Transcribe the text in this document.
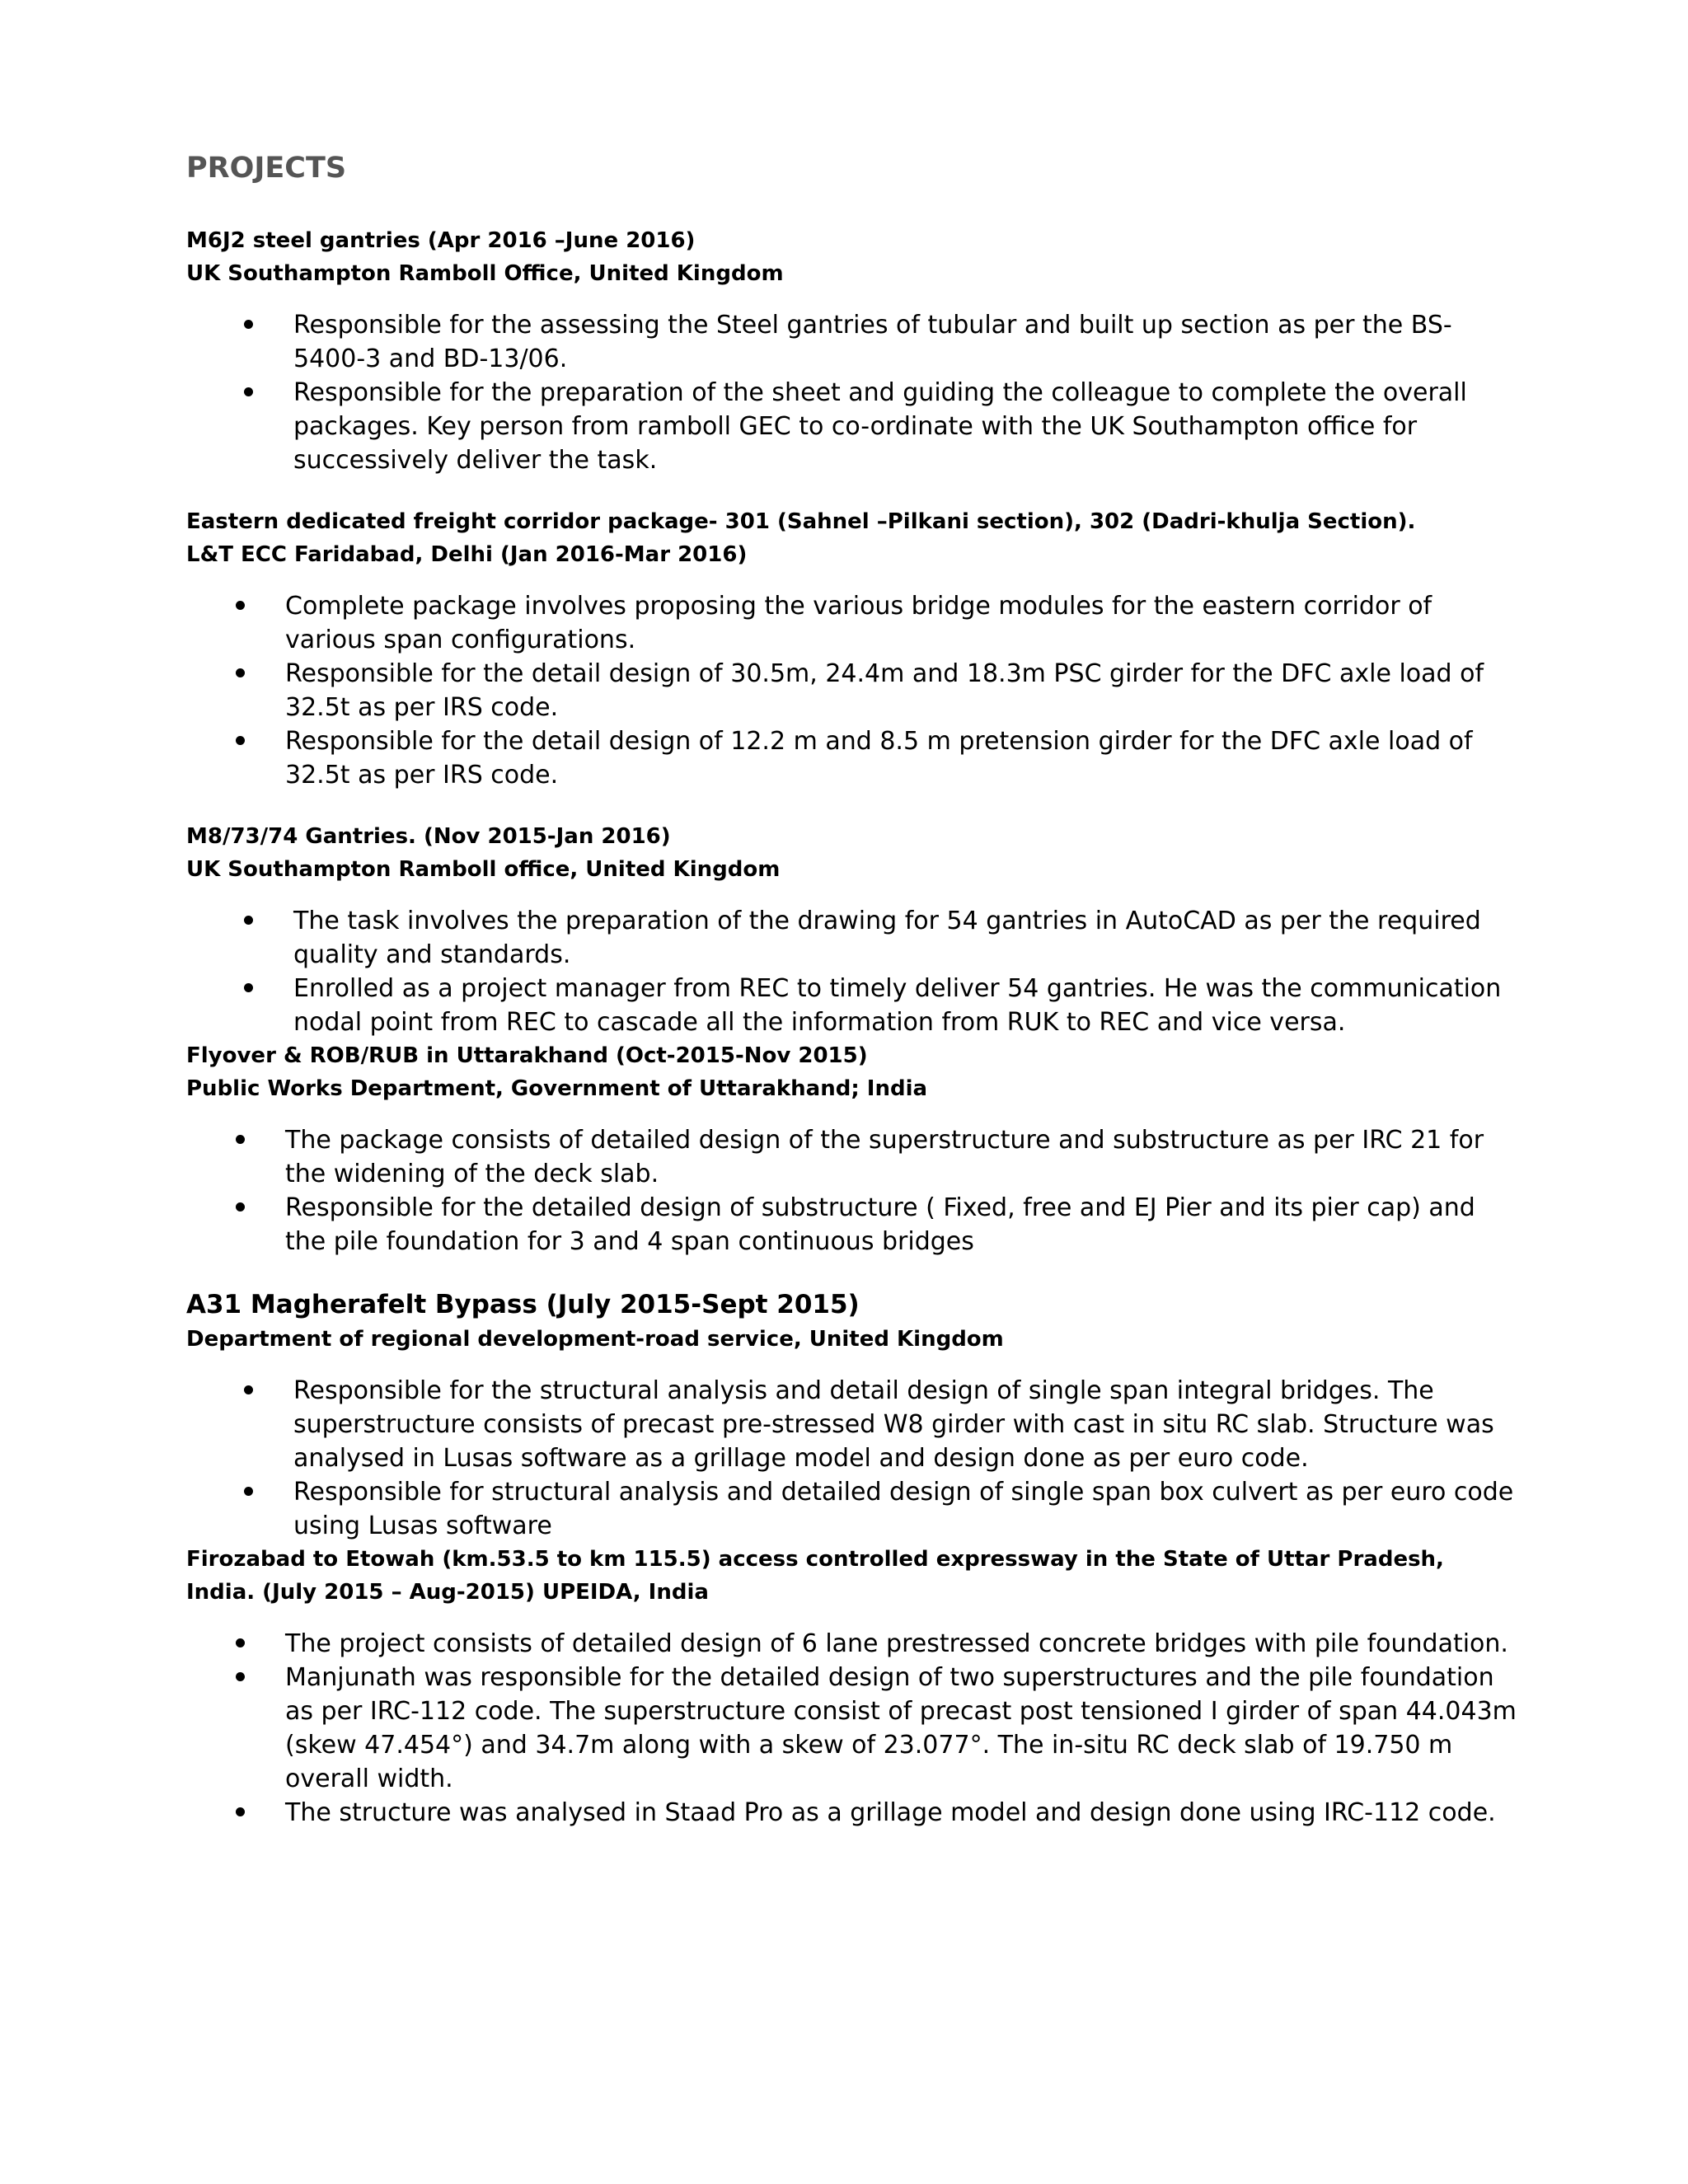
PROJECTS
M6J2 steel gantries (Apr 2016 –June 2016)
UK Southampton Ramboll Office, United Kingdom
Responsible for the assessing the Steel gantries of tubular and built up section as per the BS-5400-3 and BD-13/06.
Responsible for the preparation of the sheet and guiding the colleague to complete the overall packages. Key person from ramboll GEC to co-ordinate with the UK Southampton office for successively deliver the task.
Eastern dedicated freight corridor package- 301 (Sahnel –Pilkani section), 302 (Dadri-khulja Section).
L&T ECC Faridabad, Delhi (Jan 2016-Mar 2016)
Complete package involves proposing the various bridge modules for the eastern corridor of various span configurations.
Responsible for the detail design of 30.5m, 24.4m and 18.3m PSC girder for the DFC axle load of 32.5t as per IRS code.
Responsible for the detail design of 12.2 m and 8.5 m pretension girder for the DFC axle load of 32.5t as per IRS code.
M8/73/74 Gantries. (Nov 2015-Jan 2016)
UK Southampton Ramboll office, United Kingdom
The task involves the preparation of the drawing for 54 gantries in AutoCAD as per the required quality and standards.
Enrolled as a project manager from REC to timely deliver 54 gantries. He was the communication nodal point from REC to cascade all the information from RUK to REC and vice versa.
Flyover & ROB/RUB in Uttarakhand (Oct-2015-Nov 2015)
Public Works Department, Government of Uttarakhand; India
The package consists of detailed design of the superstructure and substructure as per IRC 21 for the widening of the deck slab.
Responsible for the detailed design of substructure ( Fixed, free and EJ Pier and its pier cap) and the pile foundation for 3 and 4 span continuous bridges
A31 Magherafelt Bypass (July 2015-Sept 2015)
Department of regional development-road service, United Kingdom
Responsible for the structural analysis and detail design of single span integral bridges. The superstructure consists of precast pre-stressed W8 girder with cast in situ RC slab. Structure was analysed in Lusas software as a grillage model and design done as per euro code.
Responsible for structural analysis and detailed design of single span box culvert as per euro code using Lusas software
Firozabad to Etowah (km.53.5 to km 115.5) access controlled expressway in the State of Uttar Pradesh,
India. (July 2015 – Aug-2015) UPEIDA, India
The project consists of detailed design of 6 lane prestressed concrete bridges with pile foundation.
Manjunath was responsible for the detailed design of two superstructures and the pile foundation as per IRC-112 code. The superstructure consist of precast post tensioned I girder of span 44.043m (skew 47.454°) and 34.7m along with a skew of 23.077°. The in-situ RC deck slab of 19.750 m overall width.
The structure was analysed in Staad Pro as a grillage model and design done using IRC-112 code.
